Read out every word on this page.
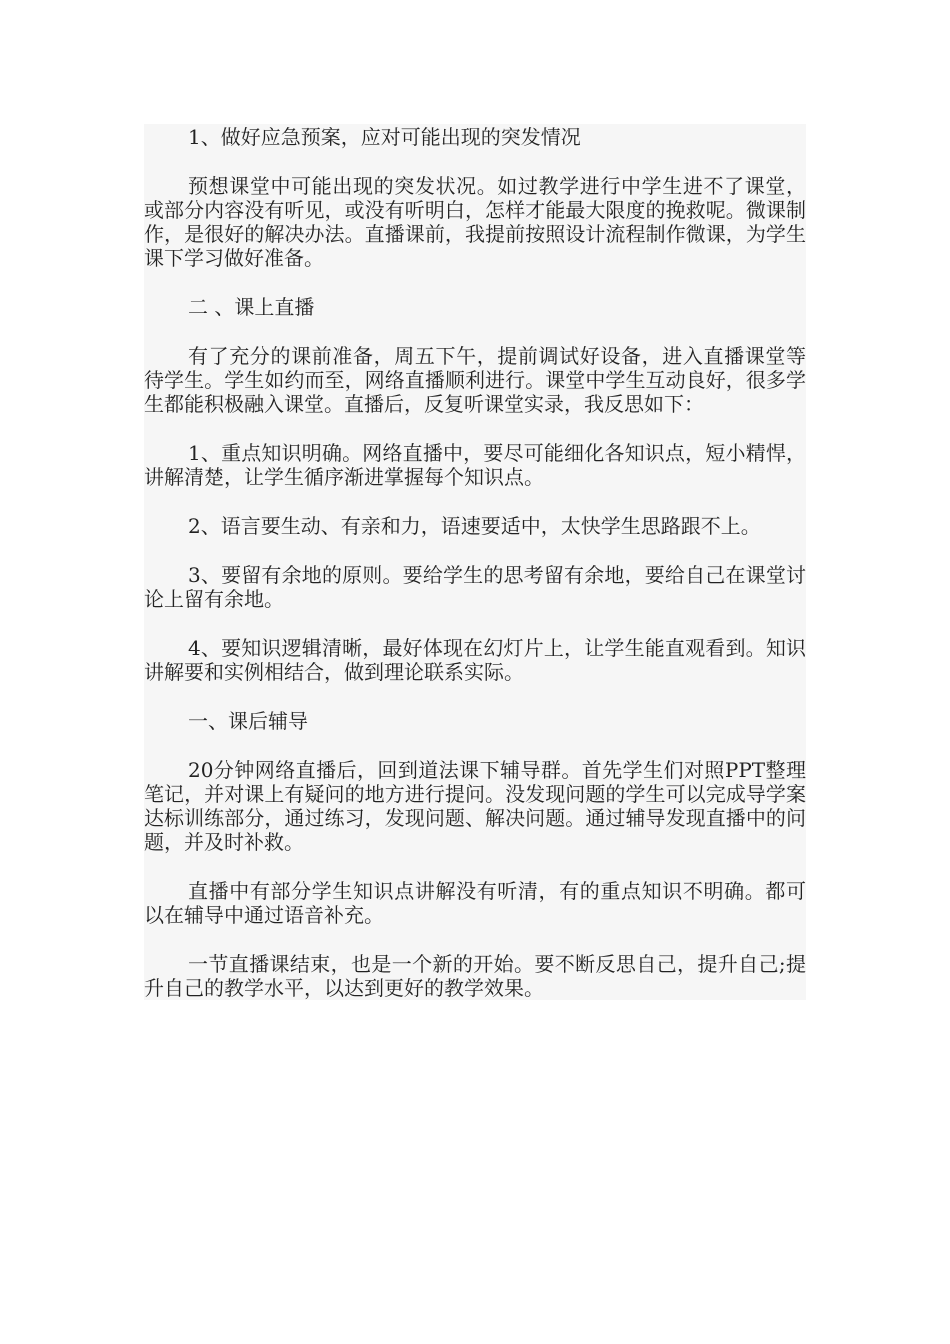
1、做好应急预案，应对可能出现的突发情况

预想课堂中可能出现的突发状况。如过教学进行中学生进不了课堂，或部分内容没有听见，或没有听明白，怎样才能最大限度的挽救呢。微课制作，是很好的解决办法。直播课前，我提前按照设计流程制作微课，为学生课下学习做好准备。

二 、课上直播

有了充分的课前准备，周五下午，提前调试好设备，进入直播课堂等待学生。学生如约而至，网络直播顺利进行。课堂中学生互动良好，很多学生都能积极融入课堂。直播后，反复听课堂实录，我反思如下：

1、重点知识明确。网络直播中，要尽可能细化各知识点，短小精悍，讲解清楚，让学生循序渐进掌握每个知识点。

2、语言要生动、有亲和力，语速要适中，太快学生思路跟不上。

3、要留有余地的原则。要给学生的思考留有余地，要给自己在课堂讨论上留有余地。

4、要知识逻辑清晰，最好体现在幻灯片上，让学生能直观看到。知识讲解要和实例相结合，做到理论联系实际。

一、课后辅导

20分钟网络直播后，回到道法课下辅导群。首先学生们对照PPT整理笔记，并对课上有疑问的地方进行提问。没发现问题的学生可以完成导学案达标训练部分，通过练习，发现问题、解决问题。通过辅导发现直播中的问题，并及时补救。

直播中有部分学生知识点讲解没有听清，有的重点知识不明确。都可以在辅导中通过语音补充。

一节直播课结束，也是一个新的开始。要不断反思自己，提升自己;提升自己的教学水平，以达到更好的教学效果。
